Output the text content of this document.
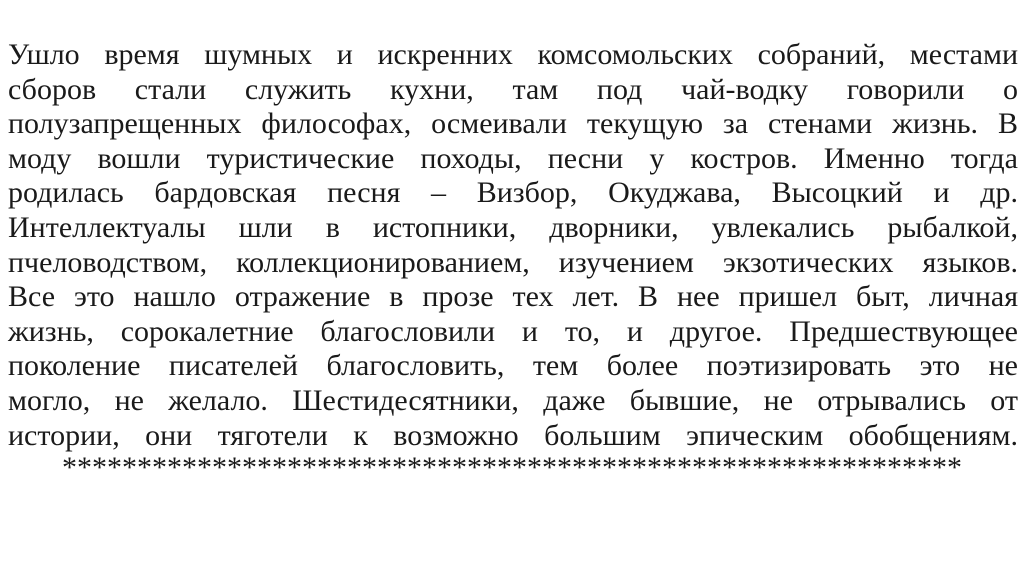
Ушло время шумных и искренних комсомольских собраний, местами
сборов стали служить кухни, там под чай-водку говорили о
полузапрещенных философах, осмеивали текущую за стенами жизнь. В
моду вошли туристические походы, песни у костров. Именно тогда
родилась бардовская песня – Визбор, Окуджава, Высоцкий и др.
Интеллектуалы шли в истопники, дворники, увлекались рыбалкой,
пчеловодством, коллекционированием, изучением экзотических языков.
Все это нашло отражение в прозе тех лет. В нее пришел быт, личная
жизнь, сорокалетние благословили и то, и другое. Предшествующее
поколение писателей благословить, тем более поэтизировать это не
могло, не желало. Шестидесятники, даже бывшие, не отрывались от
истории, они тяготели к возможно большим эпическим обобщениям.
************************************************************
